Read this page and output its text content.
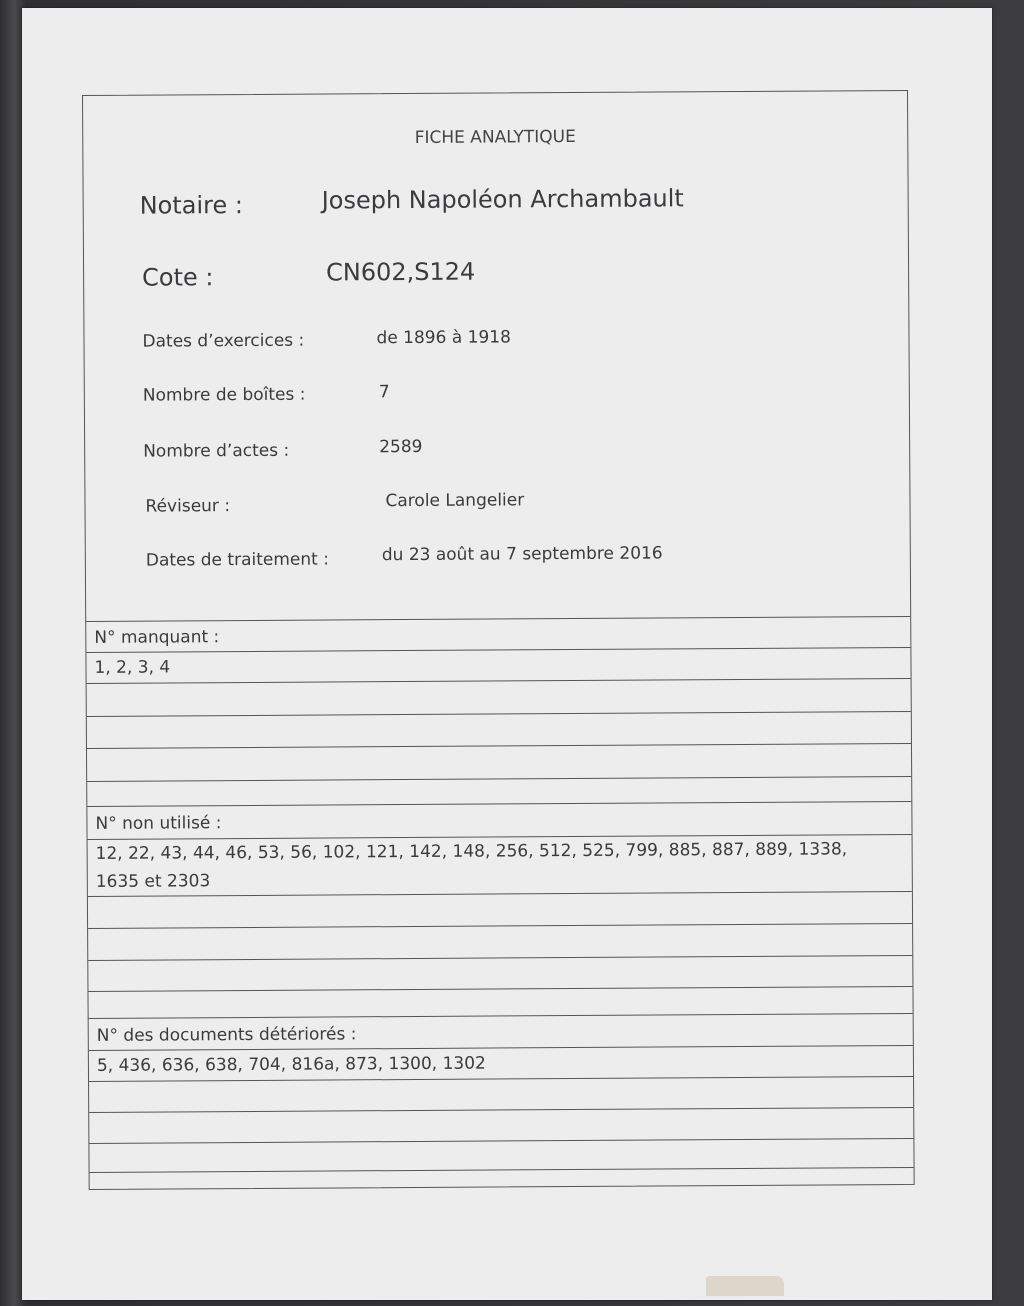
FICHE ANALYTIQUE
Notaire :	Joseph Napoléon Archambault
Cote :	CN602,S124
Dates d’exercices :	de 1896 à 1918
Nombre de boîtes :	7
Nombre d’actes :	2589
Réviseur :	Carole Langelier
Dates de traitement :	du 23 août au 7 septembre 2016
N° manquant :
1, 2, 3, 4
N° non utilisé :
12, 22, 43, 44, 46, 53, 56, 102, 121, 142, 148, 256, 512, 525, 799, 885, 887, 889, 1338,
1635 et 2303
N° des documents détériorés :
5, 436, 636, 638, 704, 816a, 873, 1300, 1302
